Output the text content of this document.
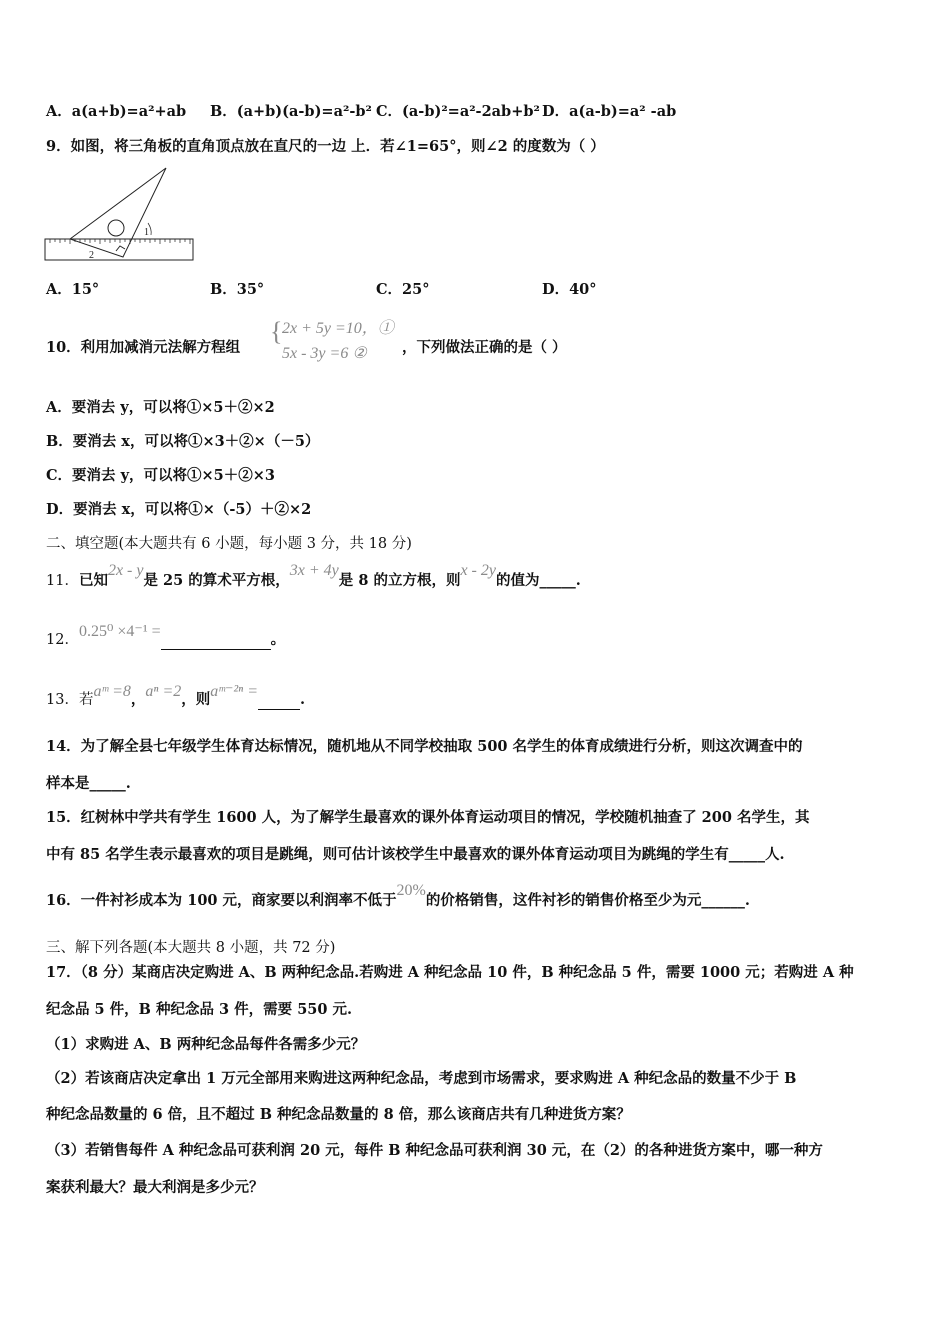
A．a(a+b)=a²+ab B．(a+b)(a-b)=a²-b² C．(a-b)²=a²-2ab+b² D．a(a-b)=a² -ab
9．如图，将三角板的直角顶点放在直尺的一边 上．若∠1=65°，则∠2 的度数为（ ）
1
2
A．15°	B．35°	C．25°	D．40°
10．利用加减消元法解方程组
{ 2x + 5y =10，①
5x - 3y =6 ② ，下列做法正确的是（ ）
A．要消去 y，可以将①×5＋②×2
B．要消去 x，可以将①×3＋②×（－5）
C．要消去 y，可以将①×5＋②×3
D．要消去 x，可以将①×（-5）＋②×2
二、填空题(本大题共有 6 小题，每小题 3 分，共 18 分)
11．已知2x - y是 25 的算术平方根，3x + 4y是 8 的立方根，则x - 2y的值为_____.
12．0.25⁰ ×4⁻¹ =	。
13．若aᵐ =8，aⁿ =2，则aᵐ⁻²ⁿ =	.
14．为了解全县七年级学生体育达标情况，随机地从不同学校抽取 500 名学生的体育成绩进行分析，则这次调查中的
样本是_____.
15．红树林中学共有学生 1600 人，为了解学生最喜欢的课外体育运动项目的情况，学校随机抽查了 200 名学生，其
中有 85 名学生表示最喜欢的项目是跳绳，则可估计该校学生中最喜欢的课外体育运动项目为跳绳的学生有_____人.
16．一件衬衫成本为 100 元，商家要以利润率不低于20%的价格销售，这件衬衫的销售价格至少为元______.
三、解下列各题(本大题共 8 小题，共 72 分)
17．（8 分）某商店决定购进 A、B 两种纪念品.若购进 A 种纪念品 10 件，B 种纪念品 5 件，需要 1000 元；若购进 A 种
纪念品 5 件，B 种纪念品 3 件，需要 550 元.
（1）求购进 A、B 两种纪念品每件各需多少元？
（2）若该商店决定拿出 1 万元全部用来购进这两种纪念品，考虑到市场需求，要求购进 A 种纪念品的数量不少于 B
种纪念品数量的 6 倍，且不超过 B 种纪念品数量的 8 倍，那么该商店共有几种进货方案？
（3）若销售每件 A 种纪念品可获利润 20 元，每件 B 种纪念品可获利润 30 元，在（2）的各种进货方案中，哪一种方
案获利最大？最大利润是多少元？
